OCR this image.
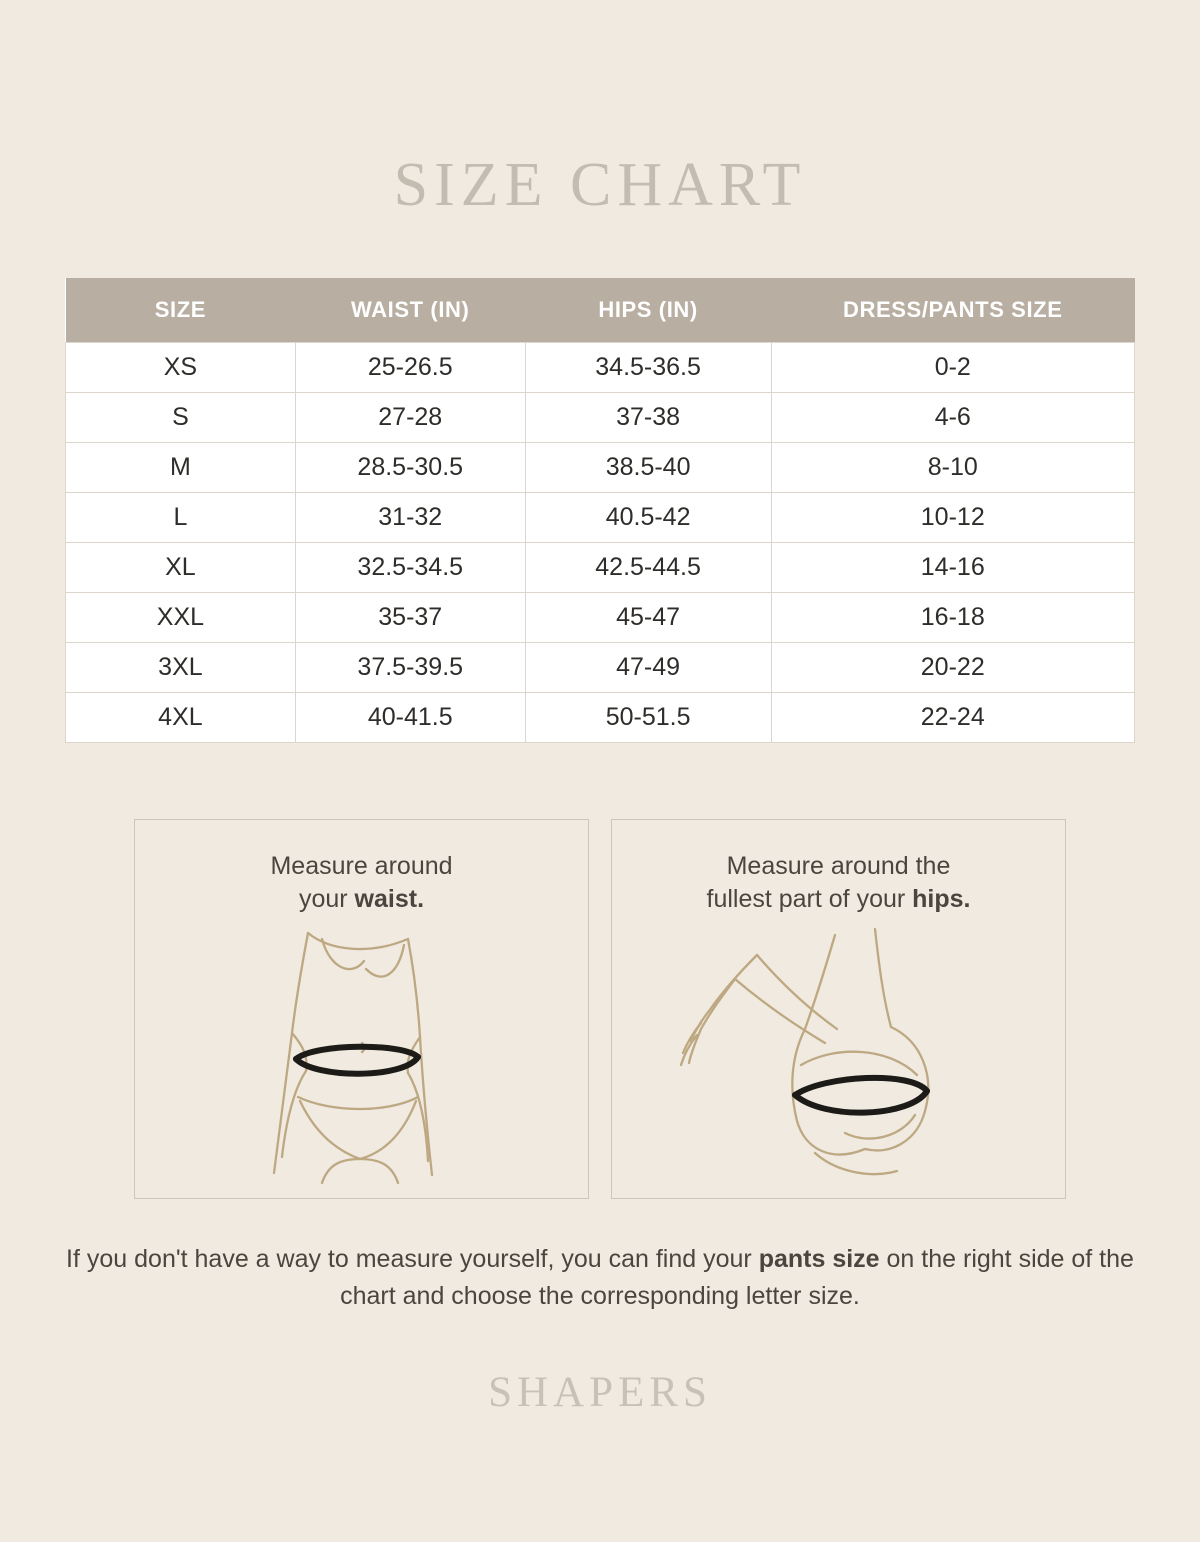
SIZE CHART
SIZE	WAIST (IN)	HIPS (IN)	DRESS/PANTS SIZE
XS	25-26.5	34.5-36.5	0-2
S	27-28	37-38	4-6
M	28.5-30.5	38.5-40	8-10
L	31-32	40.5-42	10-12
XL	32.5-34.5	42.5-44.5	14-16
XXL	35-37	45-47	16-18
3XL	37.5-39.5	47-49	20-22
4XL	40-41.5	50-51.5	22-24
Measure around
your waist.
Measure around the
fullest part of your hips.

If you don't have a way to measure yourself, you can find your pants size on the right side of the chart and choose the corresponding letter size.

SHAPERS
